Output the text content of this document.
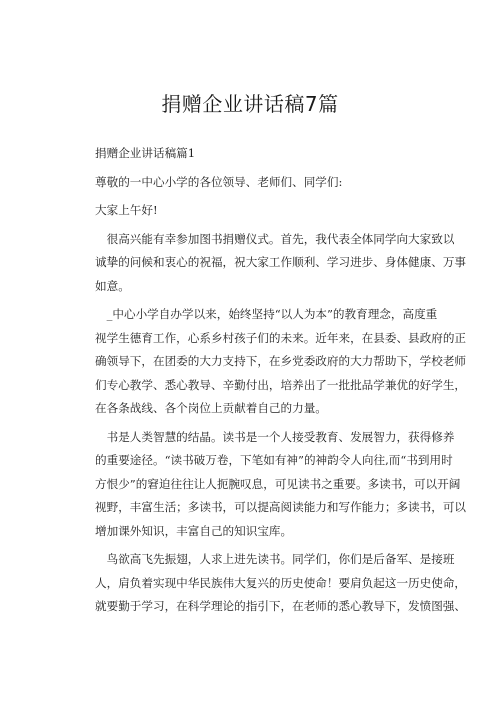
捐赠企业讲话稿7篇
捐赠企业讲话稿篇1
尊敬的一中心小学的各位领导、老师们、同学们:
大家上午好!
　很高兴能有幸参加图书捐赠仪式。首先，我代表全体同学向大家致以
诚挚的问候和衷心的祝福，祝大家工作顺利、学习进步、身体健康、万事
如意。
　_中心小学自办学以来，始终坚持“以人为本”的教育理念，高度重
视学生德育工作，心系乡村孩子们的未来。近年来，在县委、县政府的正
确领导下，在团委的大力支持下，在乡党委政府的大力帮助下，学校老师
们专心教学、悉心教导、辛勤付出，培养出了一批批品学兼优的好学生，
在各条战线、各个岗位上贡献着自己的力量。
　书是人类智慧的结晶。读书是一个人接受教育、发展智力，获得修养
的重要途径。“读书破万卷，下笔如有神”的神韵令人向往,而“书到用时
方恨少”的窘迫往往让人扼腕叹息，可见读书之重要。多读书，可以开阔
视野，丰富生活；多读书，可以提高阅读能力和写作能力；多读书，可以
增加课外知识，丰富自己的知识宝库。
　鸟欲高飞先振翅，人求上进先读书。同学们，你们是后备军、是接班
人，肩负着实现中华民族伟大复兴的历史使命！要肩负起这一历史使命，
就要勤于学习，在科学理论的指引下，在老师的悉心教导下，发愤图强、
